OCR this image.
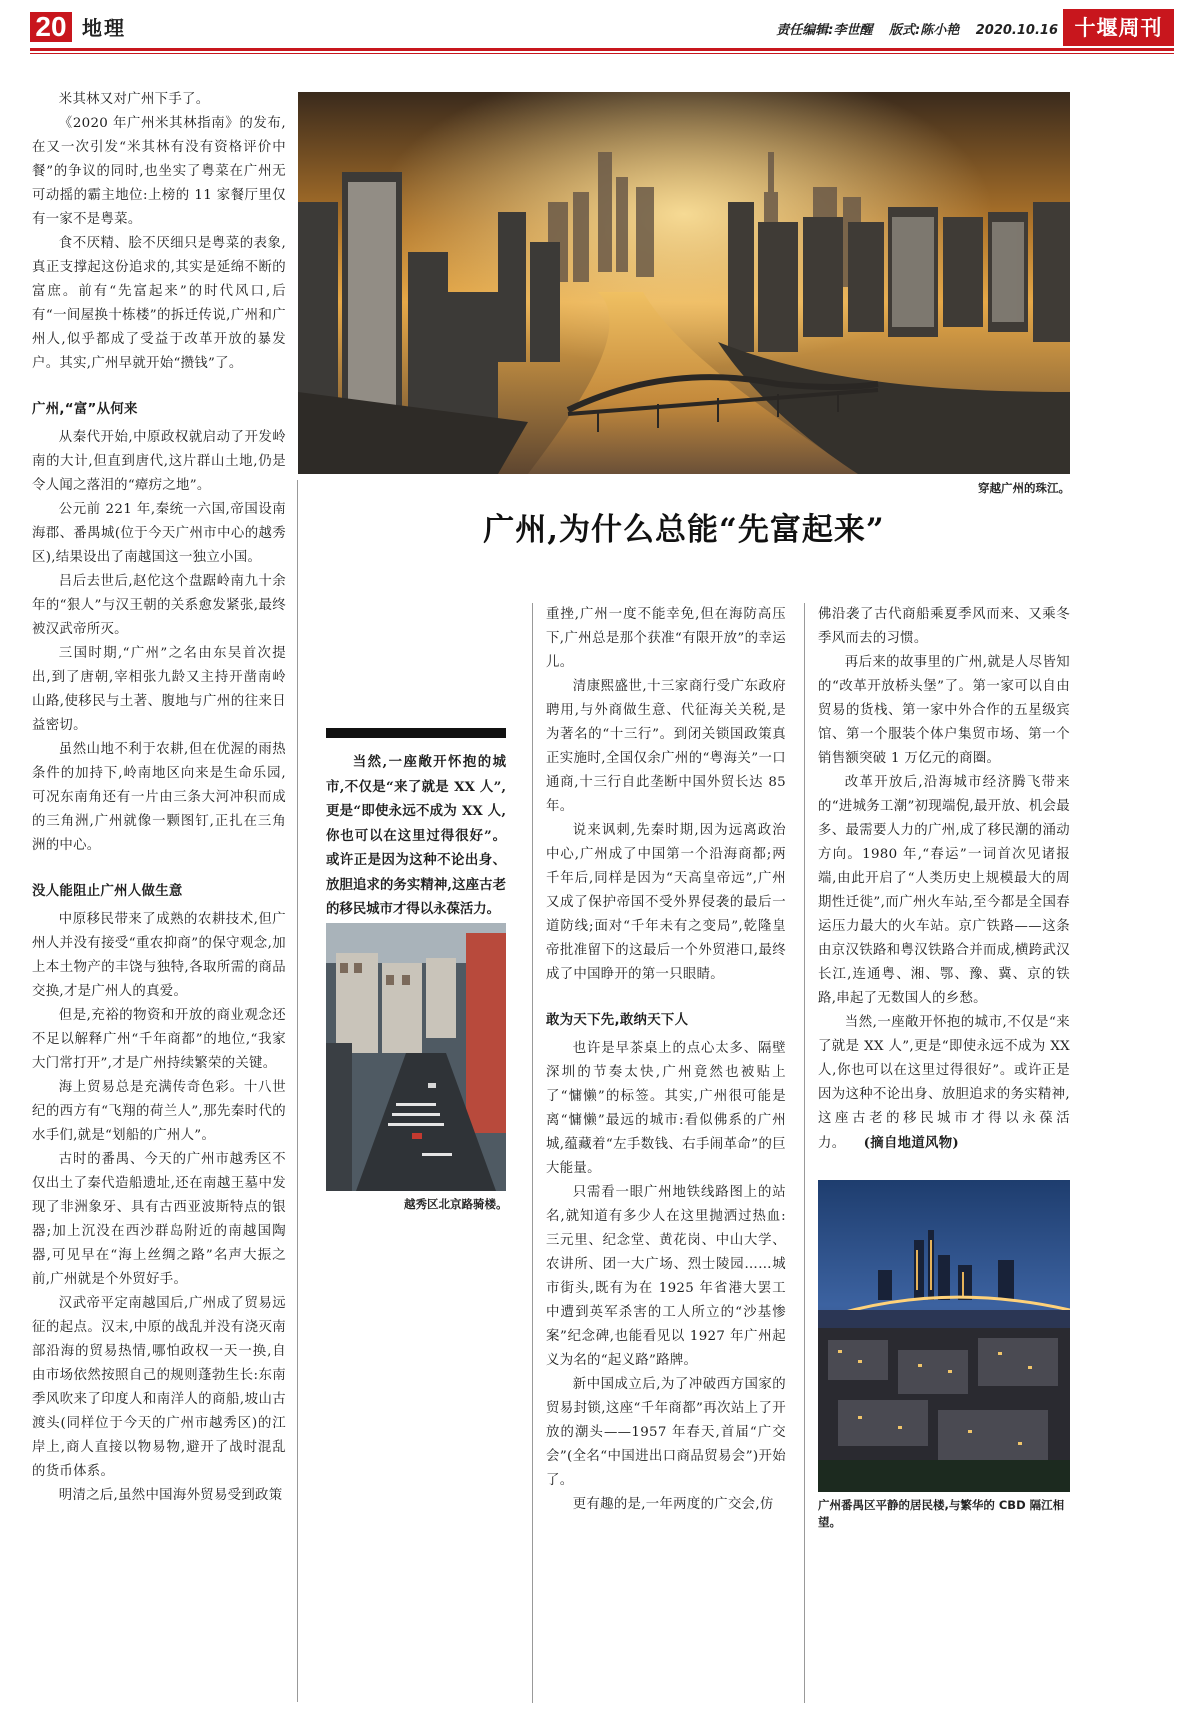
20 地理	责任编辑:李世醒 版式:陈小艳 2020.10.16 十堰周刊

米其林又对广州下手了。

《2020 年广州米其林指南》的发布,在又一次引发“米其林有没有资格评价中餐”的争议的同时,也坐实了粤菜在广州无可动摇的霸主地位:上榜的 11 家餐厅里仅有一家不是粤菜。

食不厌精、脍不厌细只是粤菜的表象,真正支撑起这份追求的,其实是延绵不断的富庶。前有“先富起来”的时代风口,后有“一间屋换十栋楼”的拆迁传说,广州和广州人,似乎都成了受益于改革开放的暴发户。其实,广州早就开始“攒钱”了。

广州,“富”从何来

从秦代开始,中原政权就启动了开发岭南的大计,但直到唐代,这片群山土地,仍是令人闻之落泪的“瘴疠之地”。

公元前 221 年,秦统一六国,帝国设南海郡、番禺城(位于今天广州市中心的越秀区),结果设出了南越国这一独立小国。

吕后去世后,赵佗这个盘踞岭南九十余年的“狠人”与汉王朝的关系愈发紧张,最终被汉武帝所灭。

三国时期,“广州”之名由东吴首次提出,到了唐朝,宰相张九龄又主持开凿南岭山路,使移民与土著、腹地与广州的往来日益密切。

虽然山地不利于农耕,但在优渥的雨热条件的加持下,岭南地区向来是生命乐园,可况东南角还有一片由三条大河冲积而成的三角洲,广州就像一颗图钉,正扎在三角洲的中心。

没人能阻止广州人做生意

中原移民带来了成熟的农耕技术,但广州人并没有接受“重农抑商”的保守观念,加上本土物产的丰饶与独特,各取所需的商品交换,才是广州人的真爱。

但是,充裕的物资和开放的商业观念还不足以解释广州“千年商都”的地位,“我家大门常打开”,才是广州持续繁荣的关键。

海上贸易总是充满传奇色彩。十八世纪的西方有“飞翔的荷兰人”,那先秦时代的水手们,就是“划船的广州人”。

古时的番禺、今天的广州市越秀区不仅出土了秦代造船遗址,还在南越王墓中发现了非洲象牙、具有古西亚波斯特点的银器;加上沉没在西沙群岛附近的南越国陶器,可见早在“海上丝绸之路”名声大振之前,广州就是个外贸好手。

汉武帝平定南越国后,广州成了贸易远征的起点。汉末,中原的战乱并没有浇灭南部沿海的贸易热情,哪怕政权一天一换,自由市场依然按照自己的规则蓬勃生长:东南季风吹来了印度人和南洋人的商船,坡山古渡头(同样位于今天的广州市越秀区)的江岸上,商人直接以物易物,避开了战时混乱的货币体系。

明清之后,虽然中国海外贸易受到政策

穿越广州的珠江。
广州,为什么总能“先富起来”

当然,一座敞开怀抱的城市,不仅是“来了就是 XX 人”,更是“即使永远不成为 XX 人,你也可以在这里过得很好”。或许正是因为这种不论出身、放胆追求的务实精神,这座古老的移民城市才得以永葆活力。

越秀区北京路骑楼。

重挫,广州一度不能幸免,但在海防高压下,广州总是那个获准“有限开放”的幸运儿。

清康熙盛世,十三家商行受广东政府聘用,与外商做生意、代征海关关税,是为著名的“十三行”。到闭关锁国政策真正实施时,全国仅余广州的“粤海关”一口通商,十三行自此垄断中国外贸长达 85 年。

说来讽刺,先秦时期,因为远离政治中心,广州成了中国第一个沿海商都;两千年后,同样是因为“天高皇帝远”,广州又成了保护帝国不受外界侵袭的最后一道防线;面对“千年未有之变局”,乾隆皇帝批准留下的这最后一个外贸港口,最终成了中国睁开的第一只眼睛。

敢为天下先,敢纳天下人

也许是早茶桌上的点心太多、隔壁深圳的节奏太快,广州竟然也被贴上了“慵懒”的标签。其实,广州很可能是离“慵懒”最远的城市:看似佛系的广州城,蕴藏着“左手数钱、右手闹革命”的巨大能量。

只需看一眼广州地铁线路图上的站名,就知道有多少人在这里抛洒过热血:三元里、纪念堂、黄花岗、中山大学、农讲所、团一大广场、烈士陵园……城市街头,既有为在 1925 年省港大罢工中遭到英军杀害的工人所立的“沙基惨案”纪念碑,也能看见以 1927 年广州起义为名的“起义路”路牌。

新中国成立后,为了冲破西方国家的贸易封锁,这座“千年商都”再次站上了开放的潮头——1957 年春天,首届“广交会”(全名“中国进出口商品贸易会”)开始了。

更有趣的是,一年两度的广交会,仿

佛沿袭了古代商船乘夏季风而来、又乘冬季风而去的习惯。

再后来的故事里的广州,就是人尽皆知的“改革开放桥头堡”了。第一家可以自由贸易的货栈、第一家中外合作的五星级宾馆、第一个服装个体户集贸市场、第一个销售额突破 1 万亿元的商圈。

改革开放后,沿海城市经济腾飞带来的“进城务工潮”初现端倪,最开放、机会最多、最需要人力的广州,成了移民潮的涌动方向。1980 年,“春运”一词首次见诸报端,由此开启了“人类历史上规模最大的周期性迁徙”,而广州火车站,至今都是全国春运压力最大的火车站。京广铁路——这条由京汉铁路和粤汉铁路合并而成,横跨武汉长江,连通粤、湘、鄂、豫、冀、京的铁路,串起了无数国人的乡愁。

当然,一座敞开怀抱的城市,不仅是“来了就是 XX 人”,更是“即使永远不成为 XX 人,你也可以在这里过得很好”。或许正是因为这种不论出身、放胆追求的务实精神,这座古老的移民城市才得以永葆活力。 (摘自地道风物)

广州番禺区平静的居民楼,与繁华的 CBD 隔江相望。
